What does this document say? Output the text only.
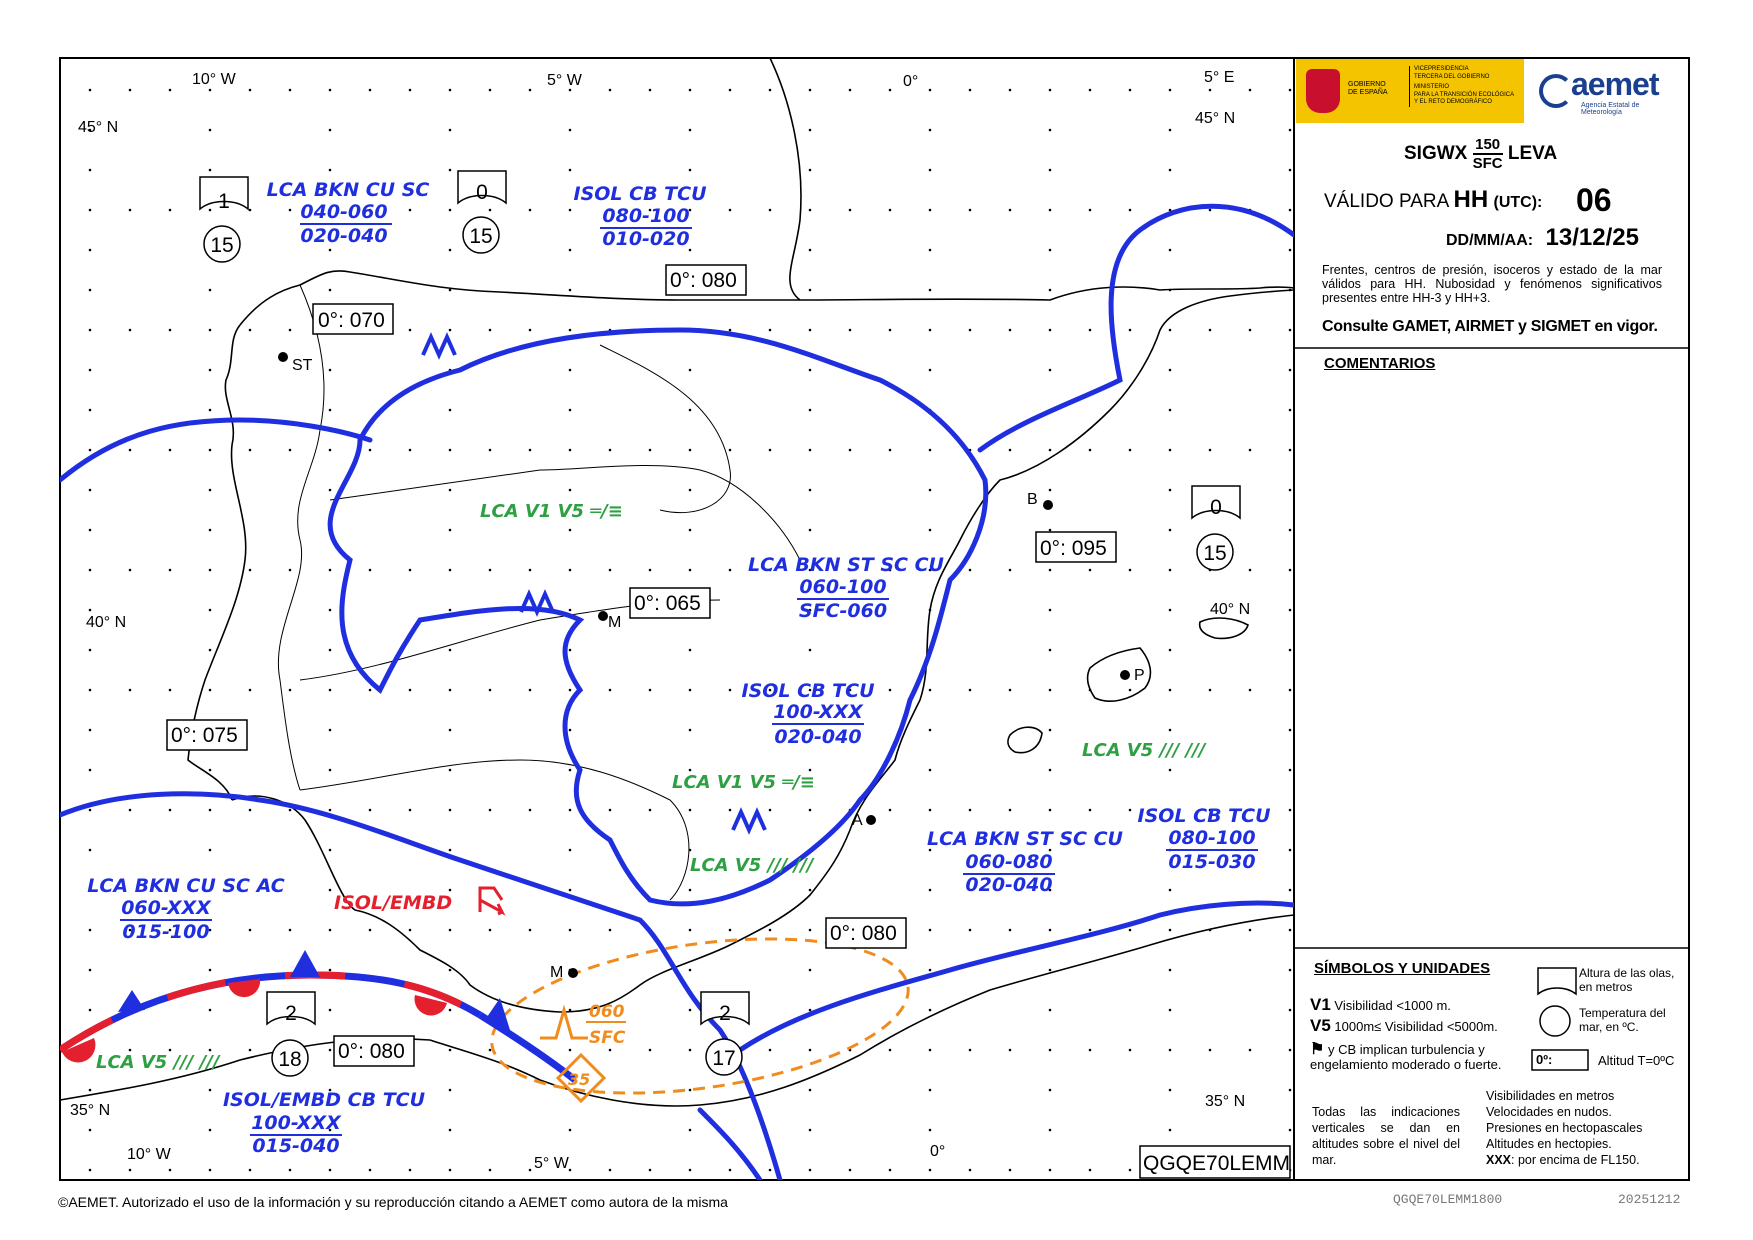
10° W	5° W	0°	5° E
10° W
5° W
0°
45° N
40° N
35° N
45° N
40° N
35° N
ST
B
M
P
A
M
0°: 070
0°: 080
0°: 095
0°: 065
0°: 075
0°: 080
0°: 080
QGQE70LEMM
1
15
0
15
0
15
2
18
2
17
LCA BKN CU SC
040-060
020-040
ISOL CB TCU
080-100
010-020
LCA BKN ST SC CU
060-100
SFC-060
ISOL CB TCU
100-XXX
020-040
LCA BKN ST SC CU
060-080
020-040
ISOL CB TCU
080-100
015-030
LCA BKN CU SC AC
060-XXX
015-100
ISOL/EMBD CB TCU
100-XXX
015-040
LCA V1 V5 ═/≡
LCA V1 V5 ═/≡
LCA V5 /// ///
LCA V5 /// ///
LCA V5 /// ///
ISOL/EMBD
060
SFC
35
GOBIERNO
DE ESPAÑA
VICEPRESIDENCIA
TERCERA DEL GOBIERNO
MINISTERIO
PARA LA TRANSICIÓN ECOLÓGICA
Y EL RETO DEMOGRÁFICO	aemet
Agencia Estatal de Meteorología
SIGWX $\frac{150}{\text{SFC}}$ LEVA
VÁLIDO PARA HH (UTC): 06
DD/MM/AA: 13/12/25
Frentes, centros de presión, isoceros y estado de la mar válidos para HH. Nubosidad y fenómenos significativos presentes entre HH-3 y HH+3.
Consulte GAMET, AIRMET y SIGMET en vigor.
COMENTARIOS
SÍMBOLOS Y UNIDADES
V1 Visibilidad <1000 m.
V5 1000m≤ Visibilidad <5000m.
⚑ y CB implican turbulencia y engelamiento moderado o fuerte.
Altura de las olas, en metros
Temperatura del mar, en ºC.
0º:	Altitud T=0ºC
Todas las indicaciones verticales se dan en altitudes sobre el nivel del mar.
Visibilidades en metros
Velocidades en nudos.
Presiones en hectopascales
Altitudes en hectopies.
XXX: por encima de FL150.
©AEMET. Autorizado el uso de la información y su reproducción citando a AEMET como autora de la misma	QGQE70LEMM1800	20251212
